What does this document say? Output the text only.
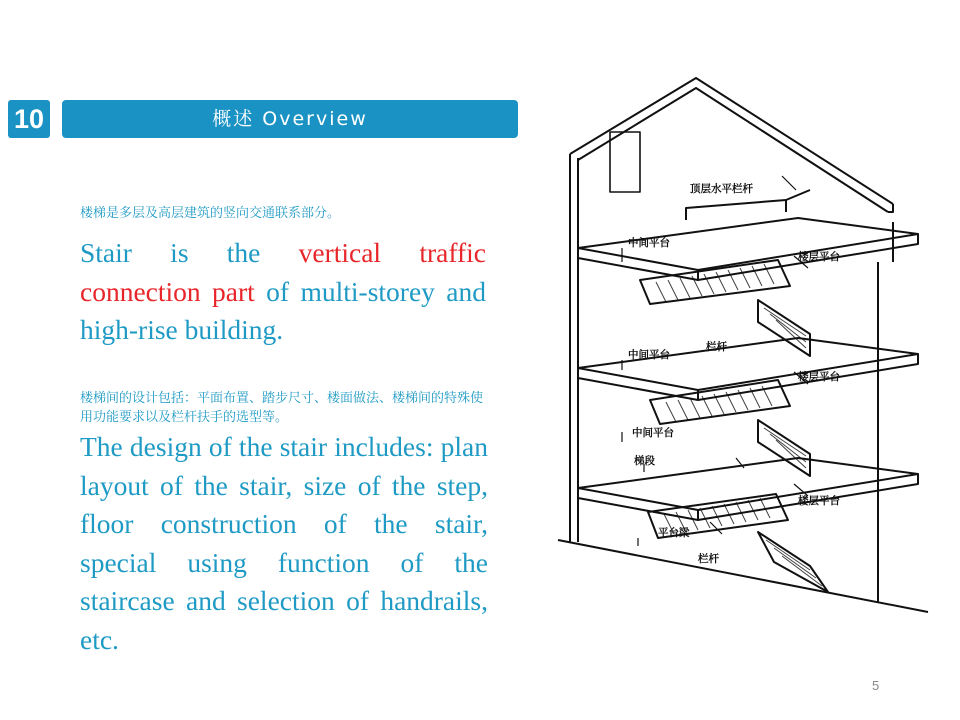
10	概述 Overview
楼梯是多层及高层建筑的竖向交通联系部分。
Stair is the vertical traffic connection part of multi-storey and high-rise building.
楼梯间的设计包括：平面布置、踏步尺寸、楼面做法、楼梯间的特殊使用功能要求以及栏杆扶手的选型等。
The design of the stair includes: plan layout of the stair, size of the step, floor construction of the stair, special using function of the staircase and selection of handrails, etc.
顶层水平栏杆
中间平台
楼层平台
中间平台
栏杆
楼层平台
中间平台
梯段
楼层平台
平台梁
栏杆
5
